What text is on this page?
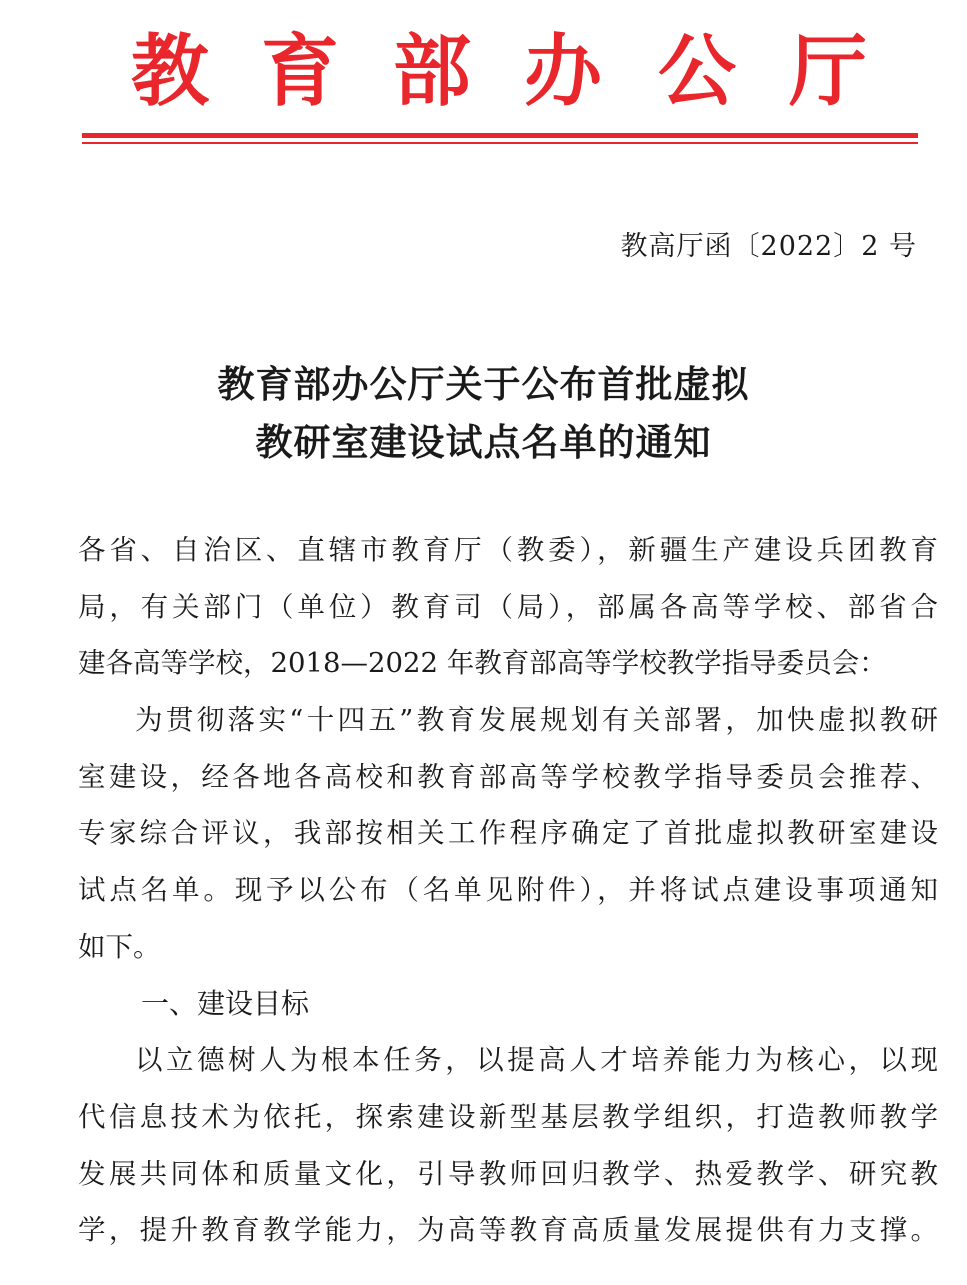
教 育 部 办 公 厅
教高厅函〔2022〕2 号
教育部办公厅关于公布首批虚拟
教研室建设试点名单的通知
各省、自治区、直辖市教育厅（教委），新疆生产建设兵团教育
局，有关部门（单位）教育司（局），部属各高等学校、部省合
建各高等学校，2018—2022 年教育部高等学校教学指导委员会：
为贯彻落实“十四五”教育发展规划有关部署，加快虚拟教研
室建设，经各地各高校和教育部高等学校教学指导委员会推荐、
专家综合评议，我部按相关工作程序确定了首批虚拟教研室建设
试点名单。现予以公布（名单见附件），并将试点建设事项通知
如下。
一、建设目标
以立德树人为根本任务，以提高人才培养能力为核心，以现
代信息技术为依托，探索建设新型基层教学组织，打造教师教学
发展共同体和质量文化，引导教师回归教学、热爱教学、研究教
学，提升教育教学能力，为高等教育高质量发展提供有力支撑。
